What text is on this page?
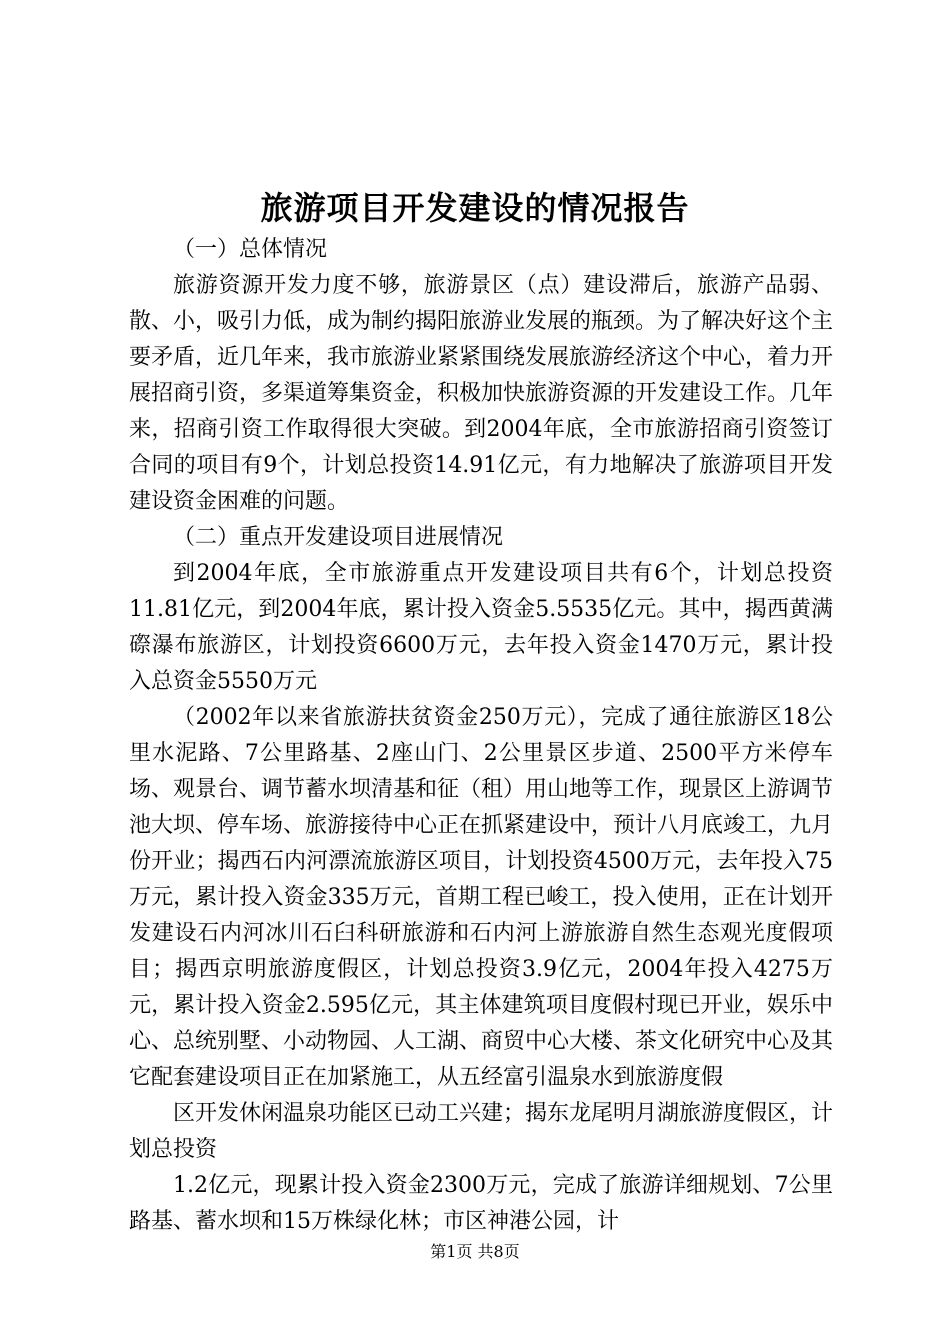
旅游项目开发建设的情况报告

（一）总体情况

旅游资源开发力度不够，旅游景区（点）建设滞后，旅游产品弱、散、小，吸引力低，成为制约揭阳旅游业发展的瓶颈。为了解决好这个主要矛盾，近几年来，我市旅游业紧紧围绕发展旅游经济这个中心，着力开展招商引资，多渠道筹集资金，积极加快旅游资源的开发建设工作。几年来，招商引资工作取得很大突破。到2004年底，全市旅游招商引资签订合同的项目有9个，计划总投资14.91亿元，有力地解决了旅游项目开发建设资金困难的问题。

（二）重点开发建设项目进展情况

到2004年底，全市旅游重点开发建设项目共有6个，计划总投资11.81亿元，到2004年底，累计投入资金5.5535亿元。其中，揭西黄满磜瀑布旅游区，计划投资6600万元，去年投入资金1470万元，累计投入总资金5550万元

（2002年以来省旅游扶贫资金250万元），完成了通往旅游区18公里水泥路、7公里路基、2座山门、2公里景区步道、2500平方米停车场、观景台、调节蓄水坝清基和征（租）用山地等工作，现景区上游调节池大坝、停车场、旅游接待中心正在抓紧建设中，预计八月底竣工，九月份开业；揭西石内河漂流旅游区项目，计划投资4500万元，去年投入75万元，累计投入资金335万元，首期工程已峻工，投入使用，正在计划开发建设石内河冰川石臼科研旅游和石内河上游旅游自然生态观光度假项目；揭西京明旅游度假区，计划总投资3.9亿元，2004年投入4275万元，累计投入资金2.595亿元，其主体建筑项目度假村现已开业，娱乐中心、总统别墅、小动物园、人工湖、商贸中心大楼、茶文化研究中心及其它配套建设项目正在加紧施工，从五经富引温泉水到旅游度假

区开发休闲温泉功能区已动工兴建；揭东龙尾明月湖旅游度假区，计划总投资

1.2亿元，现累计投入资金2300万元，完成了旅游详细规划、7公里路基、蓄水坝和15万株绿化林；市区神港公园，计

第1页 共8页
